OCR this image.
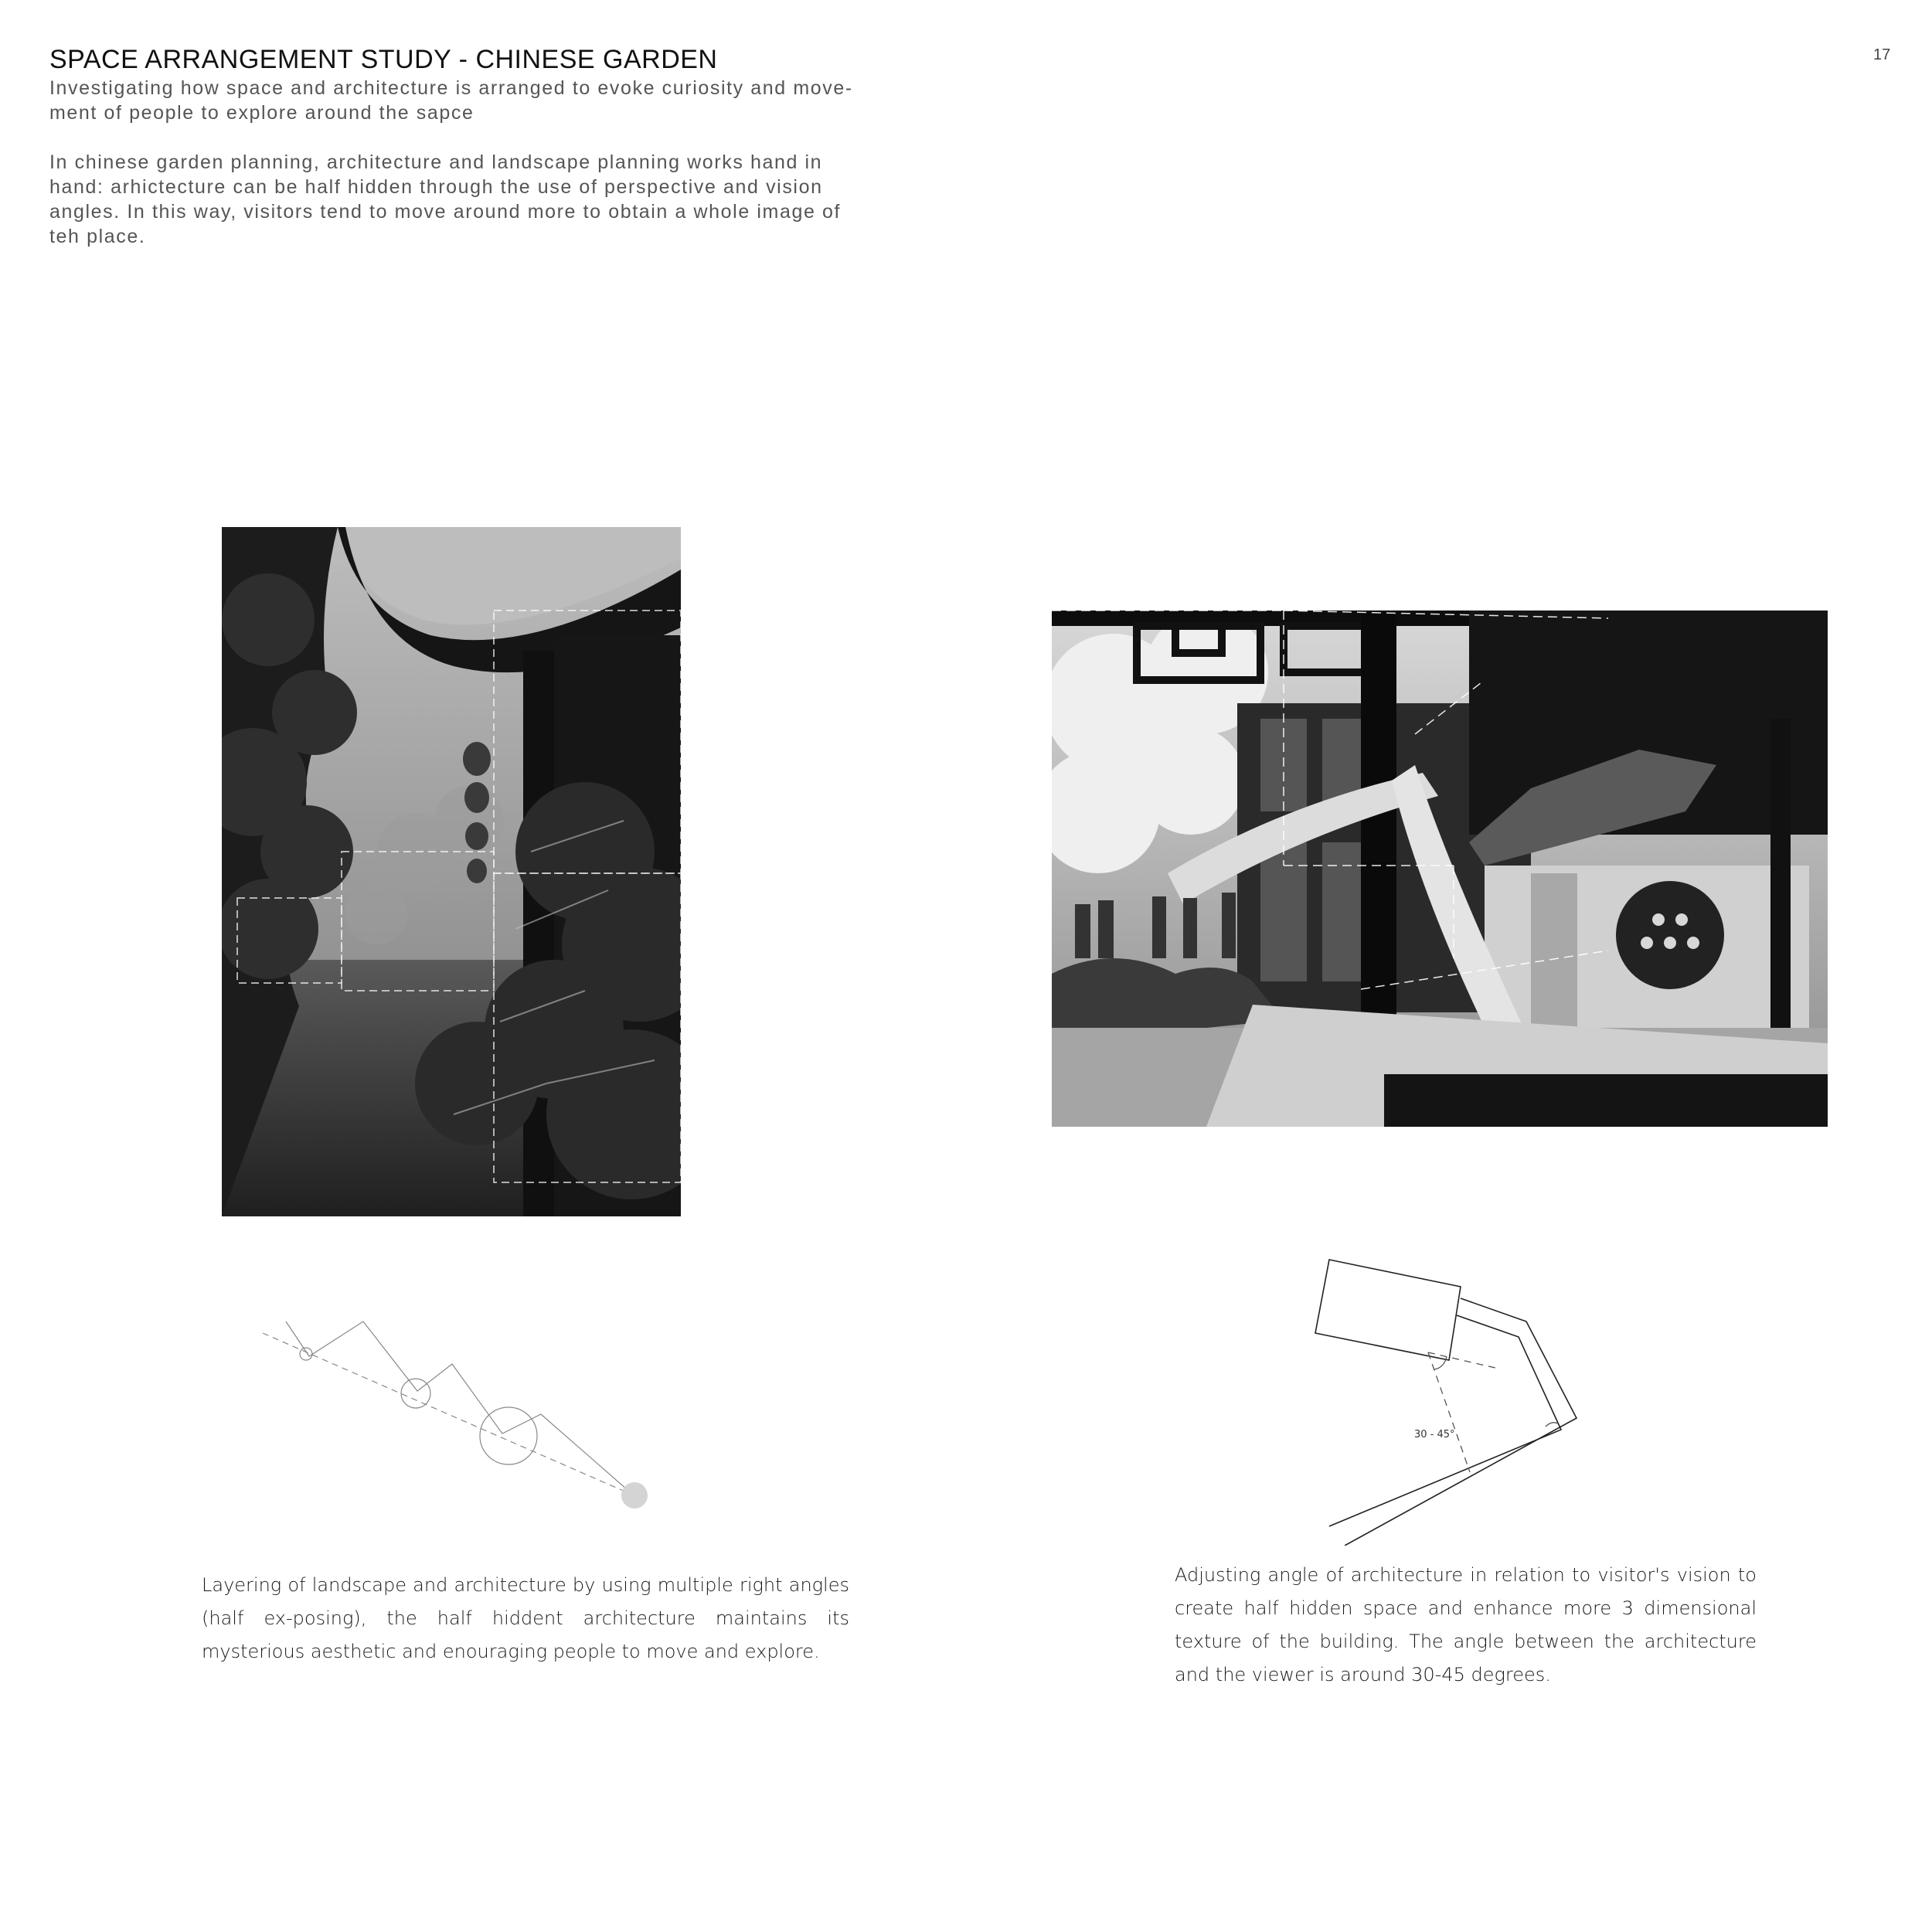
SPACE ARRANGEMENT STUDY - CHINESE GARDEN	17

Investigating how space and architecture is arranged to evoke curiosity and move-ment of people to explore around the sapce

In chinese garden planning, architecture and landscape planning works hand in hand: arhictecture can be half hidden through the use of perspective and vision angles. In this way, visitors tend to move around more to obtain a whole image of teh place.

30 - 45°
Layering of landscape and architecture by using multiple right angles (half ex-posing), the half hiddent architecture maintains its mysterious aesthetic and enouraging people to move and explore.
Adjusting angle of architecture in relation to visitor's vision to create half hidden space and enhance more 3 dimensional texture of the building. The angle between the architecture and the viewer is around 30-45 degrees.
